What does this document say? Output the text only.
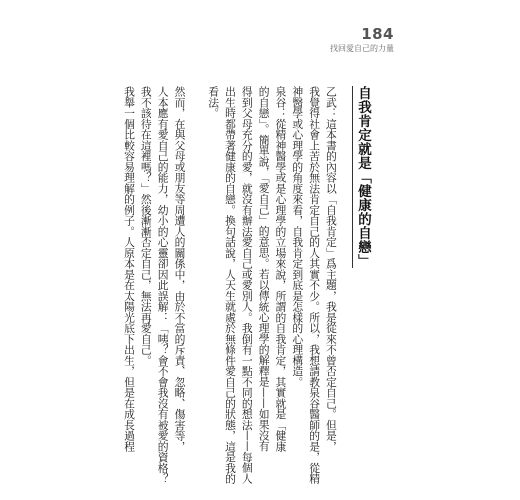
184
找回愛自己的力量
自我肯定就是「健康的自戀」
乙武：這本書的內容以「自我肯定」爲主題，我是從來不曾否定自己。但是，
我覺得社會上苦於無法肯定自己的人其實不少。所以，我想請教泉谷醫師的是，從精
神醫學或心理學的角度來看，自我肯定到底是怎樣的心理構造。
泉谷：從精神醫學或是心理學的立場來說，所謂的自我肯定，其實就是「健康
的自戀」。簡單說，「愛自己」的意思。若以傳統心理學的解釋是——如果沒有
得到父母充分的愛，就沒有辦法愛自己或愛別人。我倒有一點不同的想法——每個人
出生時都帶著健康的自戀。換句話說，人天生就處於無條件愛自己的狀態，這是我的
看法。
然而，在與父母或朋友等周遭人的關係中，由於不當的斥責、忽略、傷害等，
人本應有愛自己的能力，幼小的心靈卻因此誤解：「咦？會不會我沒有被愛的資格？
我不該待在這裡嗎？」然後漸漸否定自己，無法再愛自己。
我舉一個比較容易理解的例子。人原本是在太陽光底下出生，但是在成長過程
